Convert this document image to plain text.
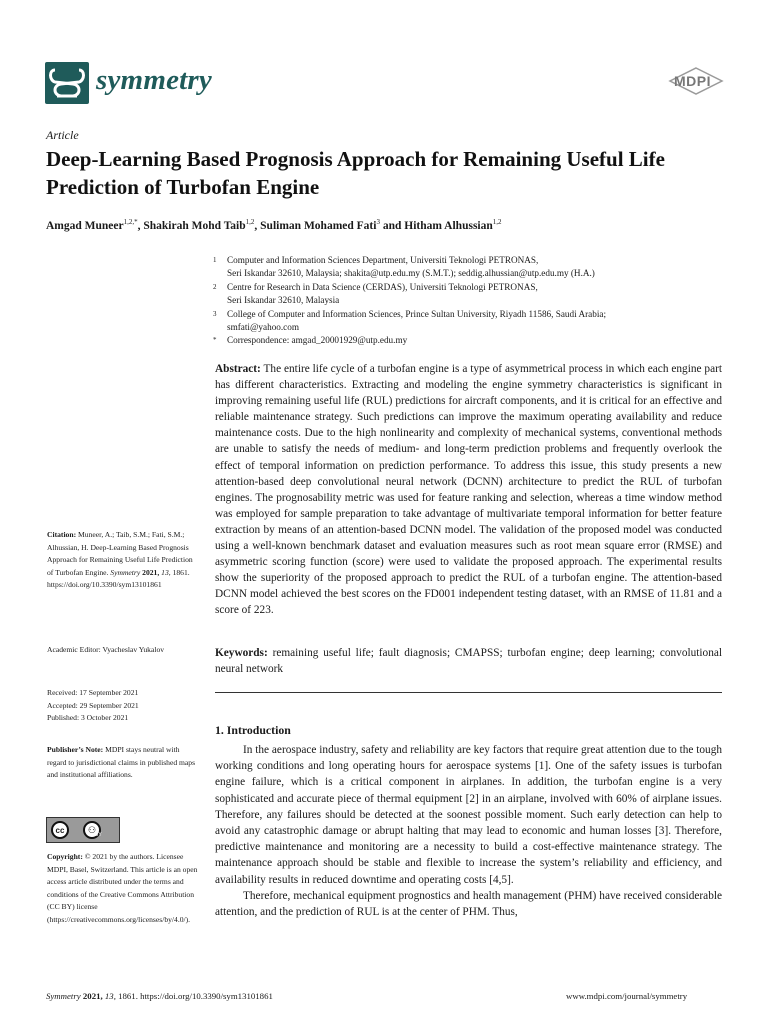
symmetry	MDPI
Article
Deep-Learning Based Prognosis Approach for Remaining Useful Life Prediction of Turbofan Engine
Amgad Muneer$^{1,2,*}$, Shakirah Mohd Taib$^{1,2}$, Suliman Mohamed Fati$^3$ and Hitham Alhussian$^{1,2}$
1	Computer and Information Sciences Department, Universiti Teknologi PETRONAS,
Seri Iskandar 32610, Malaysia; shakita@utp.edu.my (S.M.T.); seddig.alhussian@utp.edu.my (H.A.)
2	Centre for Research in Data Science (CERDAS), Universiti Teknologi PETRONAS,
Seri Iskandar 32610, Malaysia
3	College of Computer and Information Sciences, Prince Sultan University, Riyadh 11586, Saudi Arabia;
smfati@yahoo.com
*	Correspondence: amgad_20001929@utp.edu.my
Abstract: The entire life cycle of a turbofan engine is a type of asymmetrical process in which each engine part has different characteristics. Extracting and modeling the engine symmetry characteristics is significant in improving remaining useful life (RUL) predictions for aircraft components, and it is critical for an effective and reliable maintenance strategy. Such predictions can improve the maximum operating availability and reduce maintenance costs. Due to the high nonlinearity and complexity of mechanical systems, conventional methods are unable to satisfy the needs of medium- and long-term prediction problems and frequently overlook the effect of temporal information on prediction performance. To address this issue, this study presents a new attention-based deep convolutional neural network (DCNN) architecture to predict the RUL of turbofan engines. The prognosability metric was used for feature ranking and selection, whereas a time window method was employed for sample preparation to take advantage of multivariate temporal information for better feature extraction by means of an attention-based DCNN model. The validation of the proposed model was conducted using a well-known benchmark dataset and evaluation measures such as root mean square error (RMSE) and asymmetric scoring function (score) were used to validate the proposed approach. The experimental results show the superiority of the proposed approach to predict the RUL of a turbofan engine. The attention-based DCNN model achieved the best scores on the FD001 independent testing dataset, with an RMSE of 11.81 and a score of 223.
Keywords: remaining useful life; fault diagnosis; CMAPSS; turbofan engine; deep learning; convolutional neural network
1. Introduction

In the aerospace industry, safety and reliability are key factors that require great attention due to the tough working conditions and long operating hours for aerospace systems [1]. One of the safety issues is turbofan engine failure, which is a critical component in airplanes. In addition, the turbofan engine is a very sophisticated and accurate piece of thermal equipment [2] in an airplane, involved with 60% of airplane issues. Therefore, any failures should be detected at the soonest possible moment. Such early detection can help to avoid any catastrophic damage or abrupt halting that may lead to economic and human losses [3]. Therefore, predictive maintenance and monitoring are a necessity to build a cost-effective maintenance strategy. The maintenance approach should be stable and flexible to increase the system’s reliability and efficiency, and availability results in reduced downtime and operating costs [4,5].

Therefore, mechanical equipment prognostics and health management (PHM) have received considerable attention, and the prediction of RUL is at the center of PHM. Thus,

Citation: Muneer, A.; Taib, S.M.; Fati, S.M.; Alhussian, H. Deep-Learning Based Prognosis Approach for Remaining Useful Life Prediction of Turbofan Engine. Symmetry 2021, 13, 1861. https://doi.org/10.3390/sym13101861
Academic Editor: Vyacheslav Yukalov
Received: 17 September 2021
Accepted: 29 September 2021
Published: 3 October 2021
Publisher’s Note: MDPI stays neutral with regard to jurisdictional claims in published maps and institutional affiliations.
cc	⚇
BY
Copyright: © 2021 by the authors. Licensee MDPI, Basel, Switzerland. This article is an open access article distributed under the terms and conditions of the Creative Commons Attribution (CC BY) license (https://creativecommons.org/licenses/by/4.0/).
Symmetry 2021, 13, 1861. https://doi.org/10.3390/sym13101861	www.mdpi.com/journal/symmetry
